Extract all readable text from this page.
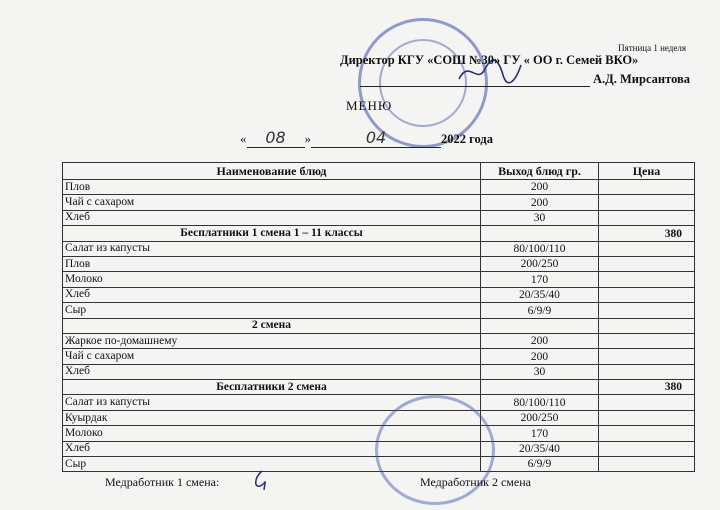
Пятница 1 неделя
Директор КГУ «СОШ №30» ГУ « ОО г. Семей ВКО»
А.Д. Мирсантова
МЕНЮ
« 08 »	04	2022 года
Наименование блюд	Выход блюд гр.	Цена
Плов	200	
Чай с сахаром	200	
Хлеб	30	
Бесплатники 1 смена 1 – 11 классы		380
Салат из капусты	80/100/110	
Плов	200/250	
Молоко	170	
Хлеб	20/35/40	
Сыр	6/9/9	
2 смена		
Жаркое по-домашнему	200	
Чай с сахаром	200	
Хлеб	30	
Бесплатники 2 смена		380
Салат из капусты	80/100/110	
Куырдак	200/250	
Молоко	170	
Хлеб	20/35/40	
Сыр	6/9/9	
Медработник 1 смена:	Медработник 2 смена
